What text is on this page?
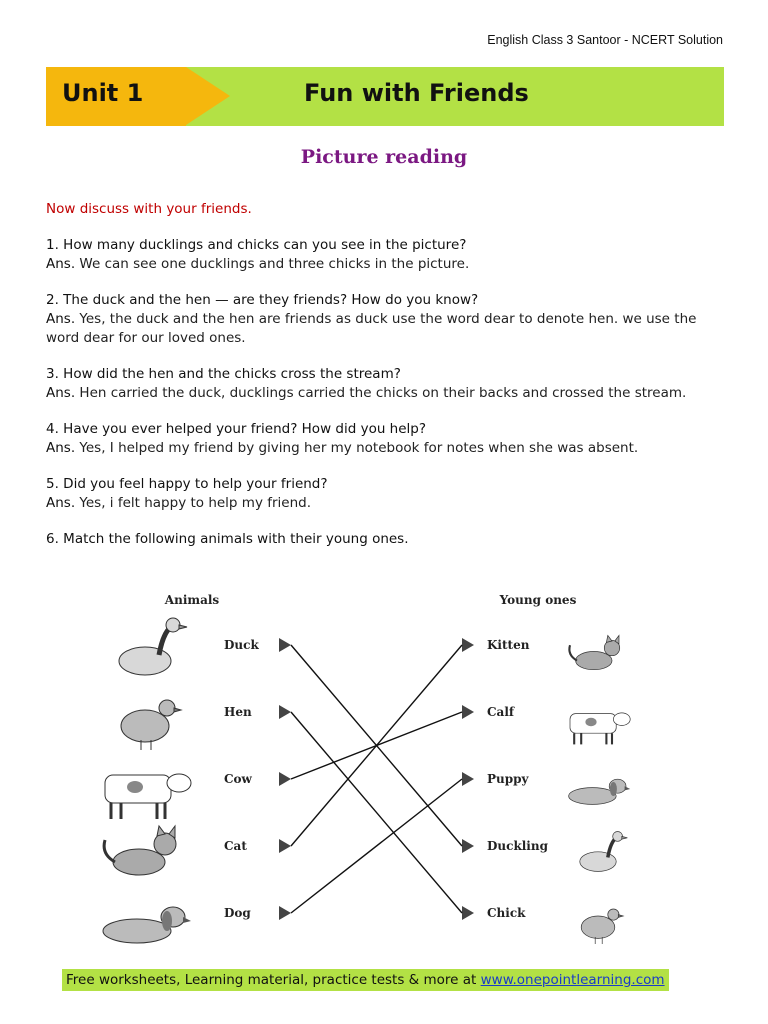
English Class 3 Santoor - NCERT Solution
Unit 1	Fun with Friends
Picture reading

Now discuss with your friends.

1. How many ducklings and chicks can you see in the picture?
Ans. We can see one ducklings and three chicks in the picture.
2. The duck and the hen — are they friends? How do you know?
Ans. Yes, the duck and the hen are friends as duck use the word dear to denote hen. we use the word dear for our loved ones.
3. How did the hen and the chicks cross the stream?
Ans. Hen carried the duck, ducklings carried the chicks on their backs and crossed the stream.
4. Have you ever helped your friend? How did you help?
Ans. Yes, I helped my friend by giving her my notebook for notes when she was absent.
5. Did you feel happy to help your friend?
Ans. Yes, i felt happy to help my friend.
6. Match the following animals with their young ones.
Animals	Young ones
Duck
Hen
Cow
Cat
Dog
Kitten
Calf
Puppy
Duckling
Chick
Free worksheets, Learning material, practice tests & more at www.onepointlearning.com
